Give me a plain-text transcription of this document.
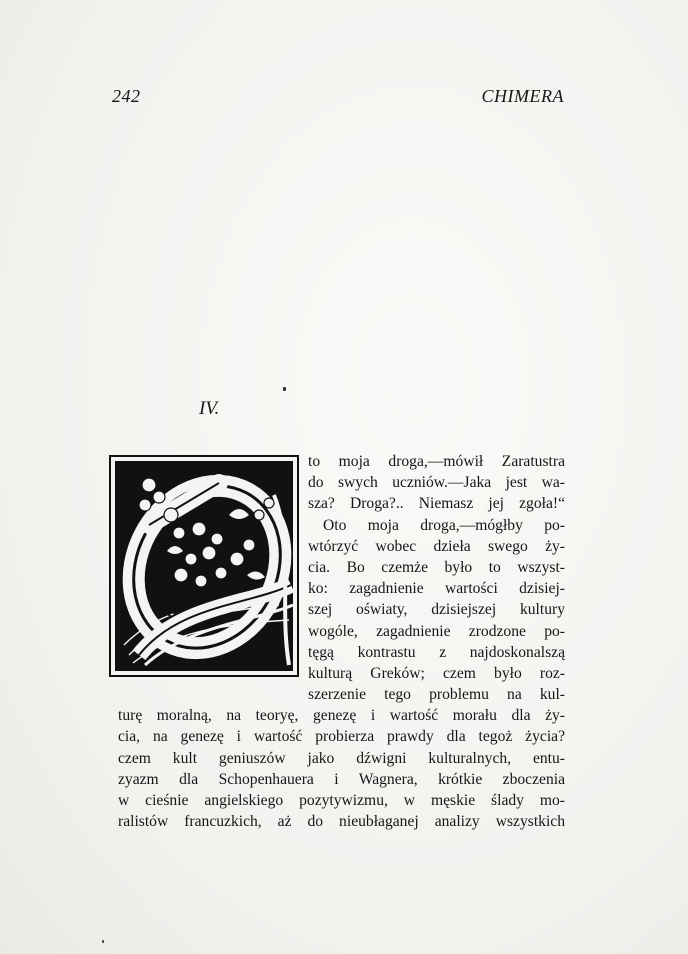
242	CHIMERA
IV.
to moja droga,—mówił Zaratustra
do swych uczniów.—Jaka jest wa-
sza? Droga?.. Niemasz jej zgoła!“
Oto moja droga,—mógłby po-
wtórzyć wobec dzieła swego ży-
cia. Bo czemże było to wszyst-
ko: zagadnienie wartości dzisiej-
szej oświaty, dzisiejszej kultury
wogóle, zagadnienie zrodzone po-
tęgą kontrastu z najdoskonalszą
kulturą Greków; czem było roz-
szerzenie tego problemu na kul-
turę moralną, na teoryę, genezę i wartość morału dla ży-
cia, na genezę i wartość probierza prawdy dla tegoż życia?
czem kult geniuszów jako dźwigni kulturalnych, entu-
zyazm dla Schopenhauera i Wagnera, krótkie zboczenia
w cieśnie angielskiego pozytywizmu, w męskie ślady mo-
ralistów francuzkich, aż do nieubłaganej analizy wszystkich
